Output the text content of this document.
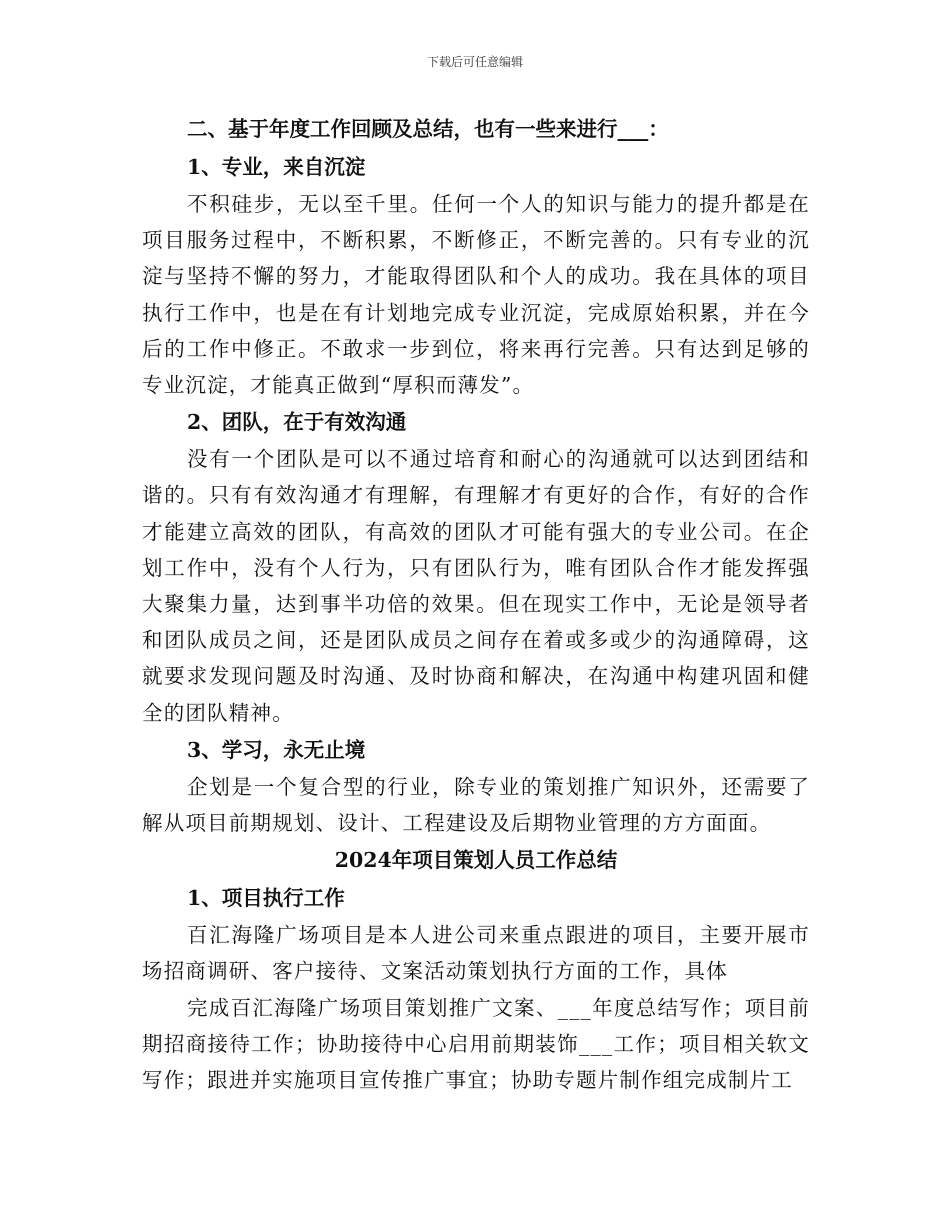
下载后可任意编辑
二、基于年度工作回顾及总结，也有一些来进行___：
1、专业，来自沉淀
不积硅步，无以至千里。任何一个人的知识与能力的提升都是在项目服务过程中，不断积累，不断修正，不断完善的。只有专业的沉淀与坚持不懈的努力，才能取得团队和个人的成功。我在具体的项目执行工作中，也是在有计划地完成专业沉淀，完成原始积累，并在今后的工作中修正。不敢求一步到位，将来再行完善。只有达到足够的专业沉淀，才能真正做到“厚积而薄发”。
2、团队，在于有效沟通
没有一个团队是可以不通过培育和耐心的沟通就可以达到团结和谐的。只有有效沟通才有理解，有理解才有更好的合作，有好的合作才能建立高效的团队，有高效的团队才可能有强大的专业公司。在企划工作中，没有个人行为，只有团队行为，唯有团队合作才能发挥强大聚集力量，达到事半功倍的效果。但在现实工作中，无论是领导者和团队成员之间，还是团队成员之间存在着或多或少的沟通障碍，这就要求发现问题及时沟通、及时协商和解决，在沟通中构建巩固和健全的团队精神。
3、学习，永无止境
企划是一个复合型的行业，除专业的策划推广知识外，还需要了解从项目前期规划、设计、工程建设及后期物业管理的方方面面。
2024年项目策划人员工作总结
1、项目执行工作
百汇海隆广场项目是本人进公司来重点跟进的项目，主要开展市场招商调研、客户接待、文案活动策划执行方面的工作，具体
完成百汇海隆广场项目策划推广文案、___年度总结写作；项目前期招商接待工作；协助接待中心启用前期装饰___工作；项目相关软文写作；跟进并实施项目宣传推广事宜；协助专题片制作组完成制片工
